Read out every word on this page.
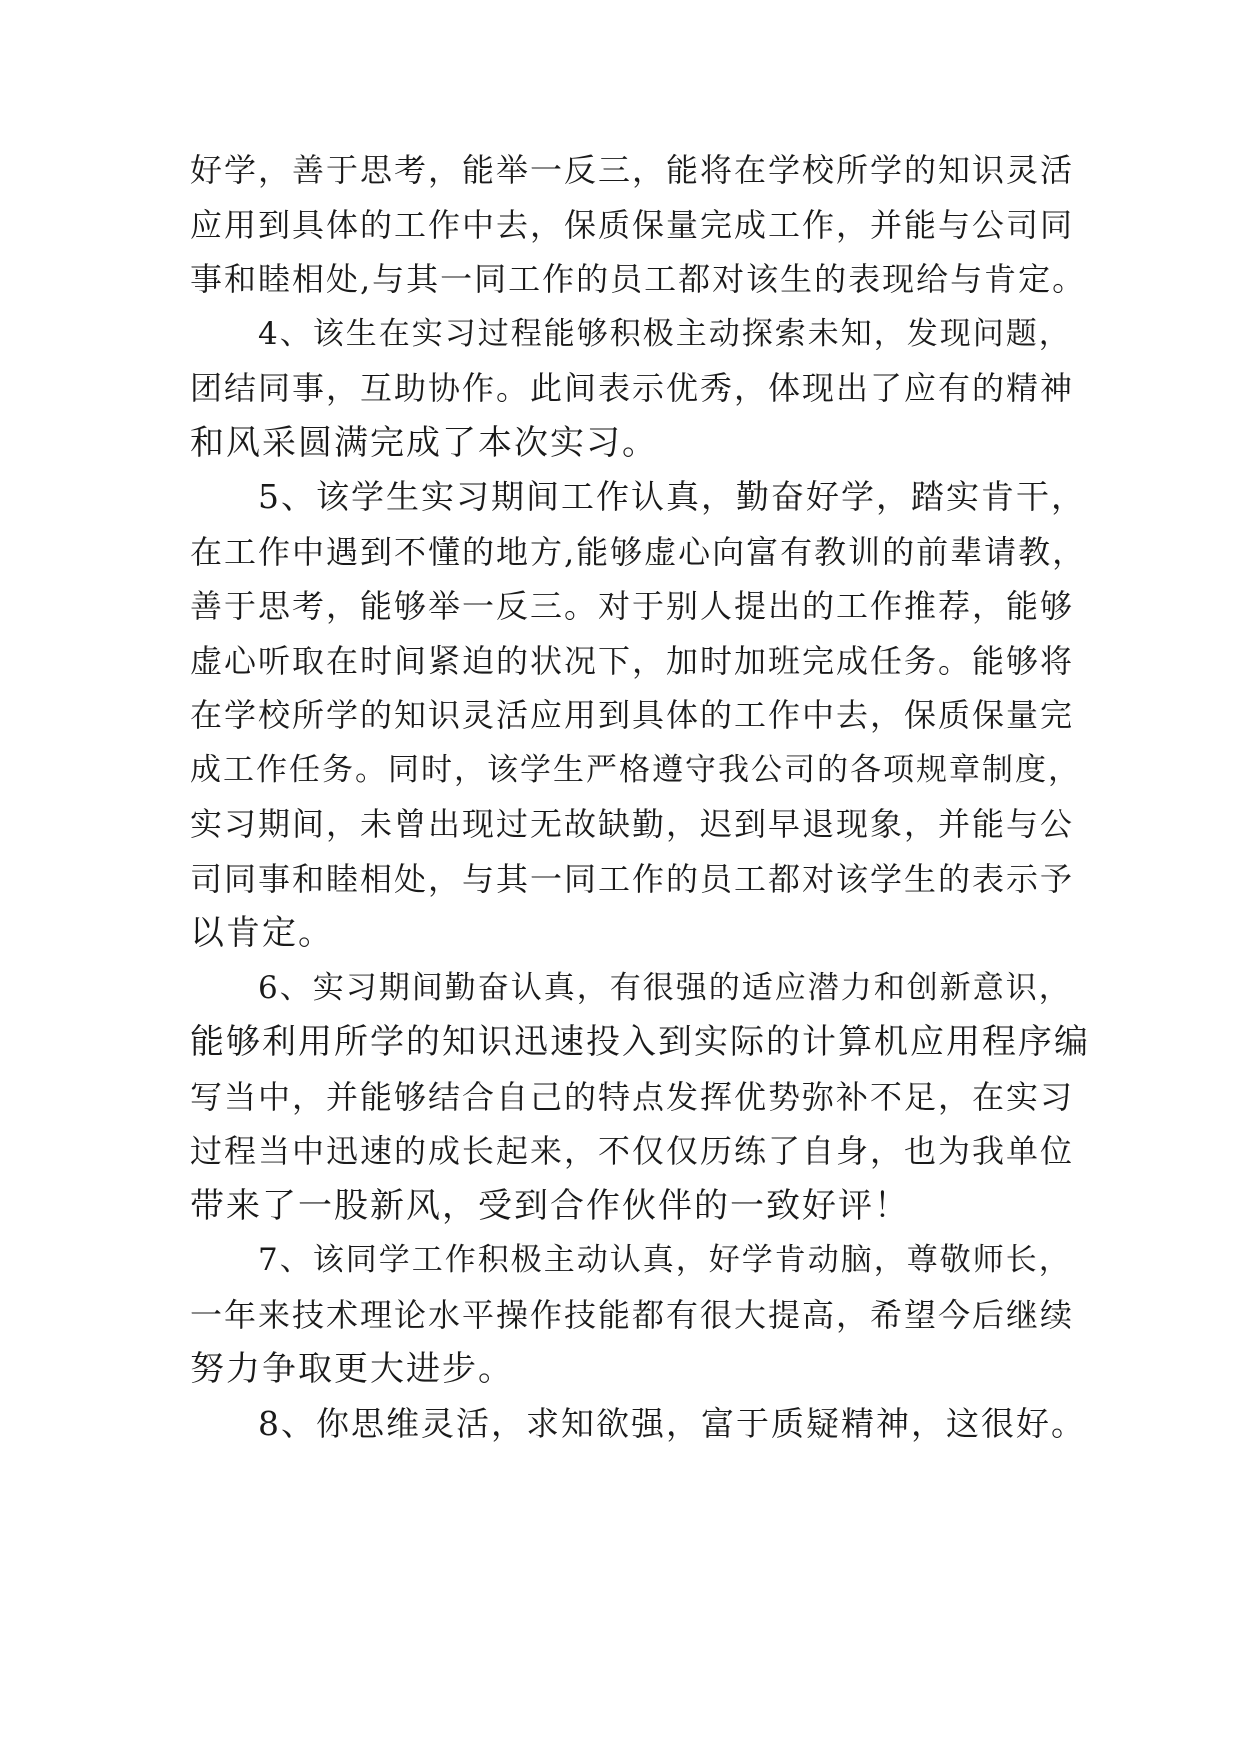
好学，善于思考，能举一反三，能将在学校所学的知识灵活
应用到具体的工作中去，保质保量完成工作，并能与公司同
事和睦相处,与其一同工作的员工都对该生的表现给与肯定。
4、该生在实习过程能够积极主动探索未知，发现问题，
团结同事，互助协作。此间表示优秀，体现出了应有的精神
和风采圆满完成了本次实习。
5、该学生实习期间工作认真，勤奋好学，踏实肯干，
在工作中遇到不懂的地方,能够虚心向富有教训的前辈请教，
善于思考，能够举一反三。对于别人提出的工作推荐，能够
虚心听取在时间紧迫的状况下，加时加班完成任务。能够将
在学校所学的知识灵活应用到具体的工作中去，保质保量完
成工作任务。同时，该学生严格遵守我公司的各项规章制度，
实习期间，未曾出现过无故缺勤，迟到早退现象，并能与公
司同事和睦相处，与其一同工作的员工都对该学生的表示予
以肯定。
6、实习期间勤奋认真，有很强的适应潜力和创新意识，
能够利用所学的知识迅速投入到实际的计算机应用程序编
写当中，并能够结合自己的特点发挥优势弥补不足，在实习
过程当中迅速的成长起来，不仅仅历练了自身，也为我单位
带来了一股新风，受到合作伙伴的一致好评！
7、该同学工作积极主动认真，好学肯动脑，尊敬师长，
一年来技术理论水平操作技能都有很大提高，希望今后继续
努力争取更大进步。
8、你思维灵活，求知欲强，富于质疑精神，这很好。
